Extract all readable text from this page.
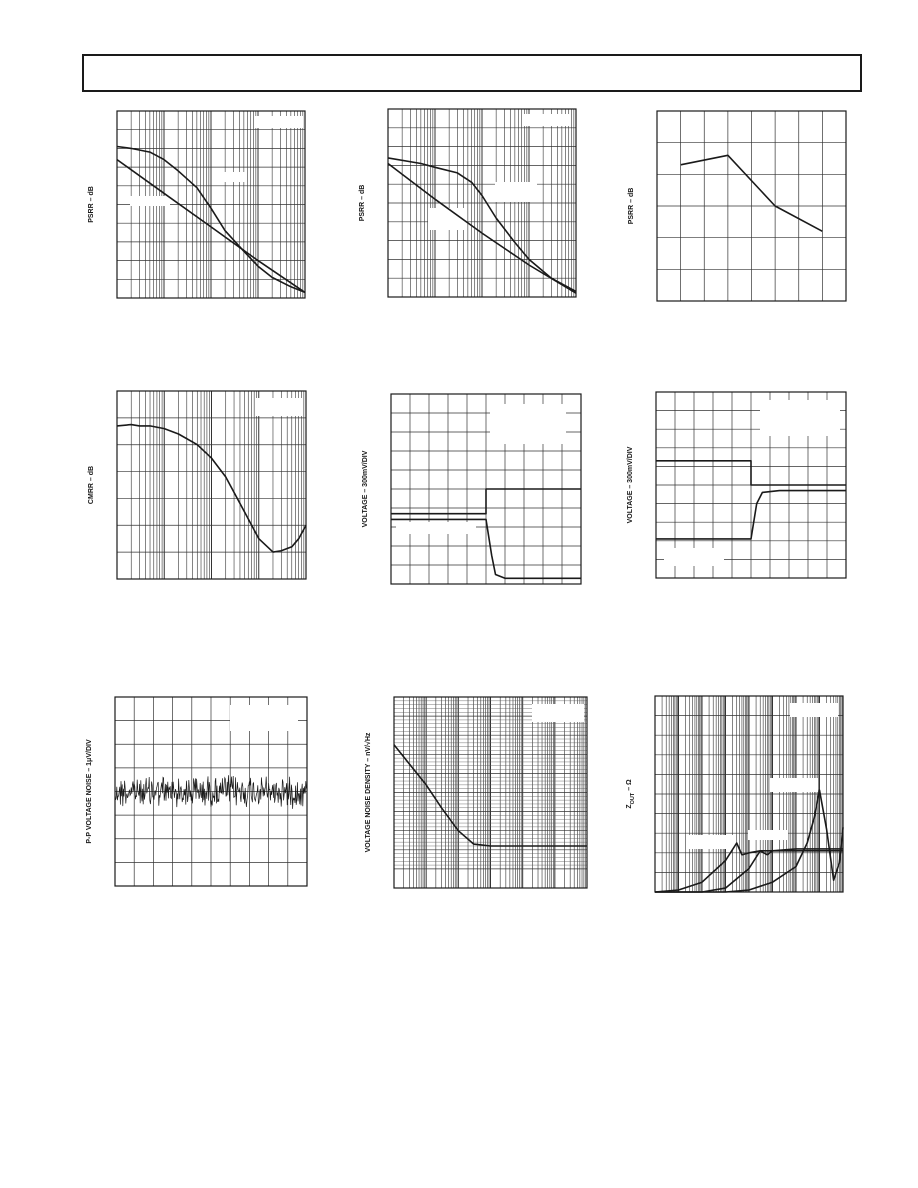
PSRR – dB	PSRR – dB	PSRR – dB
CMRR – dB	VOLTAGE – 300mV/DIV	VOLTAGE – 300mV/DIV
P-P VOLTAGE NOISE – 1μV/DIV	VOLTAGE NOISE DENSITY – nV/√Hz	$Z_{OUT}$ – Ω
